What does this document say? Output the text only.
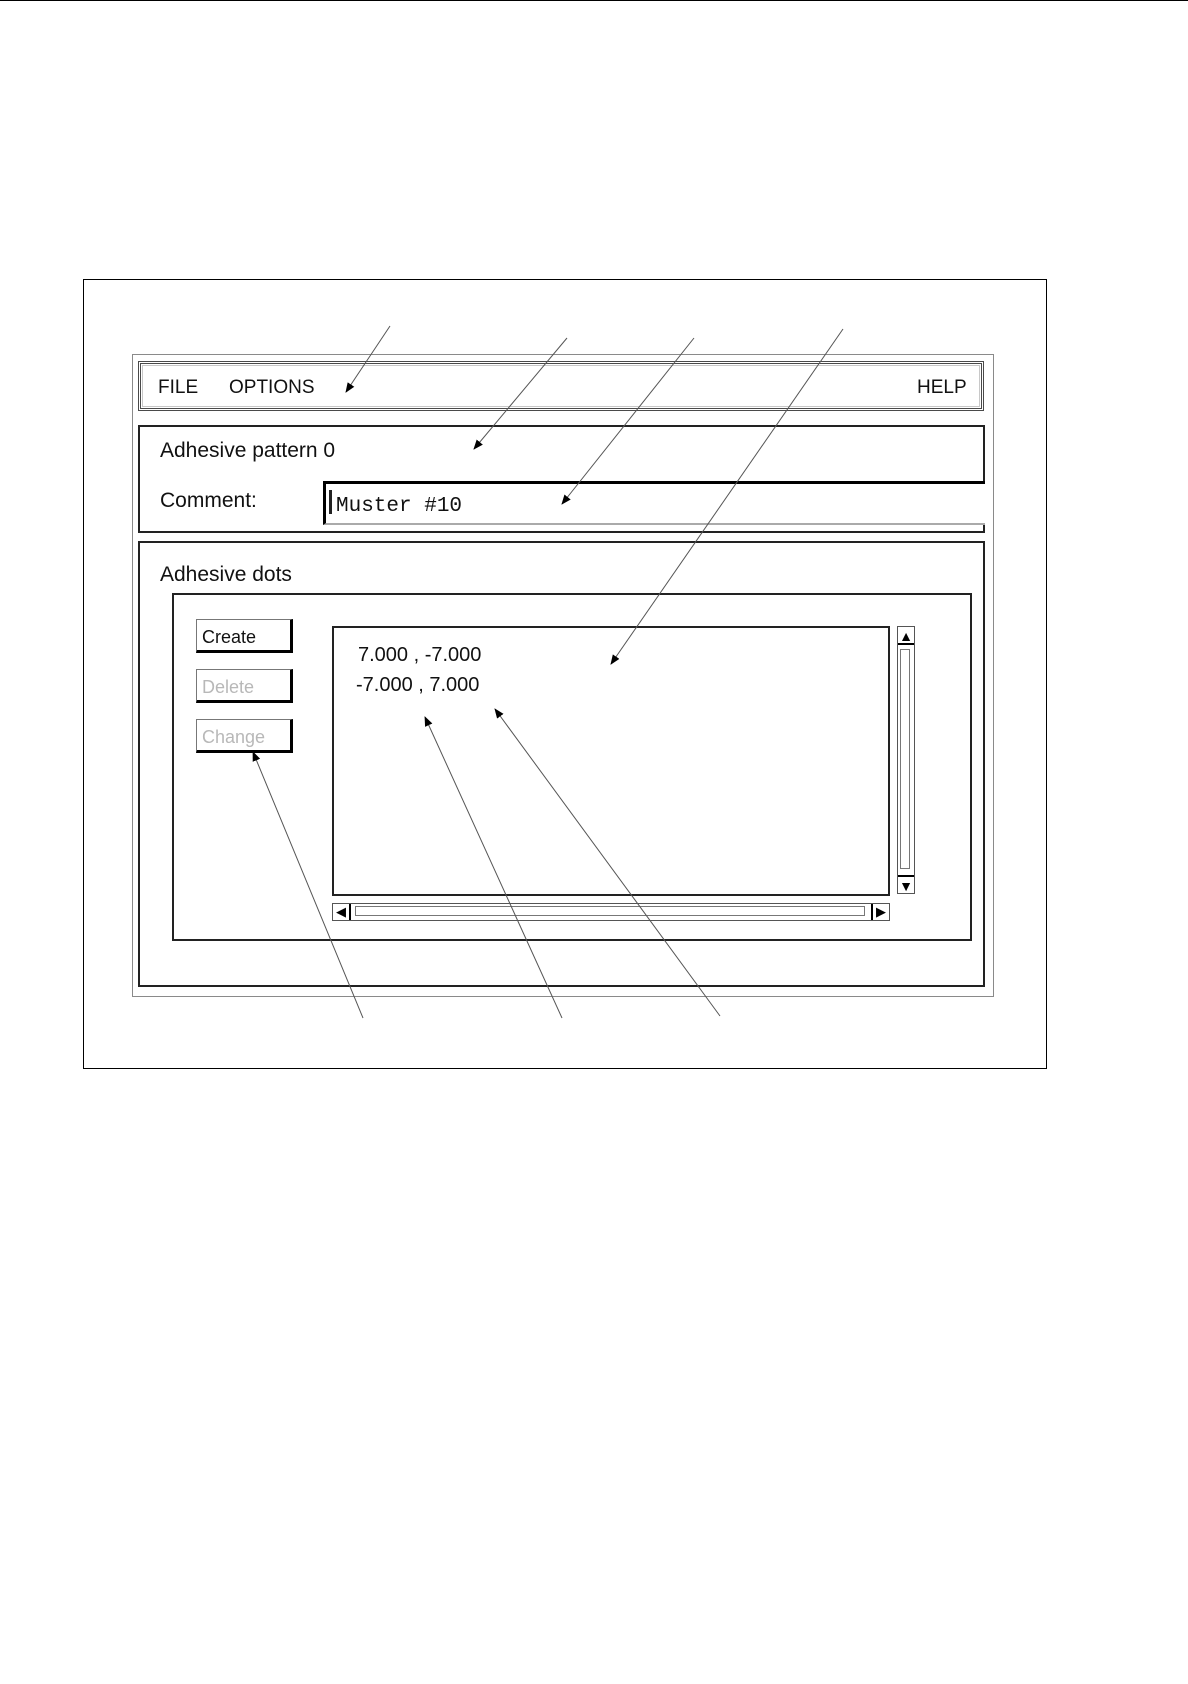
FILE OPTIONS	HELP
Adhesive pattern 0
Comment:
Muster #10
Adhesive dots
Create
Delete
Change
7.000 , -7.000
-7.000 , 7.000
▲
▼
◀	▶
